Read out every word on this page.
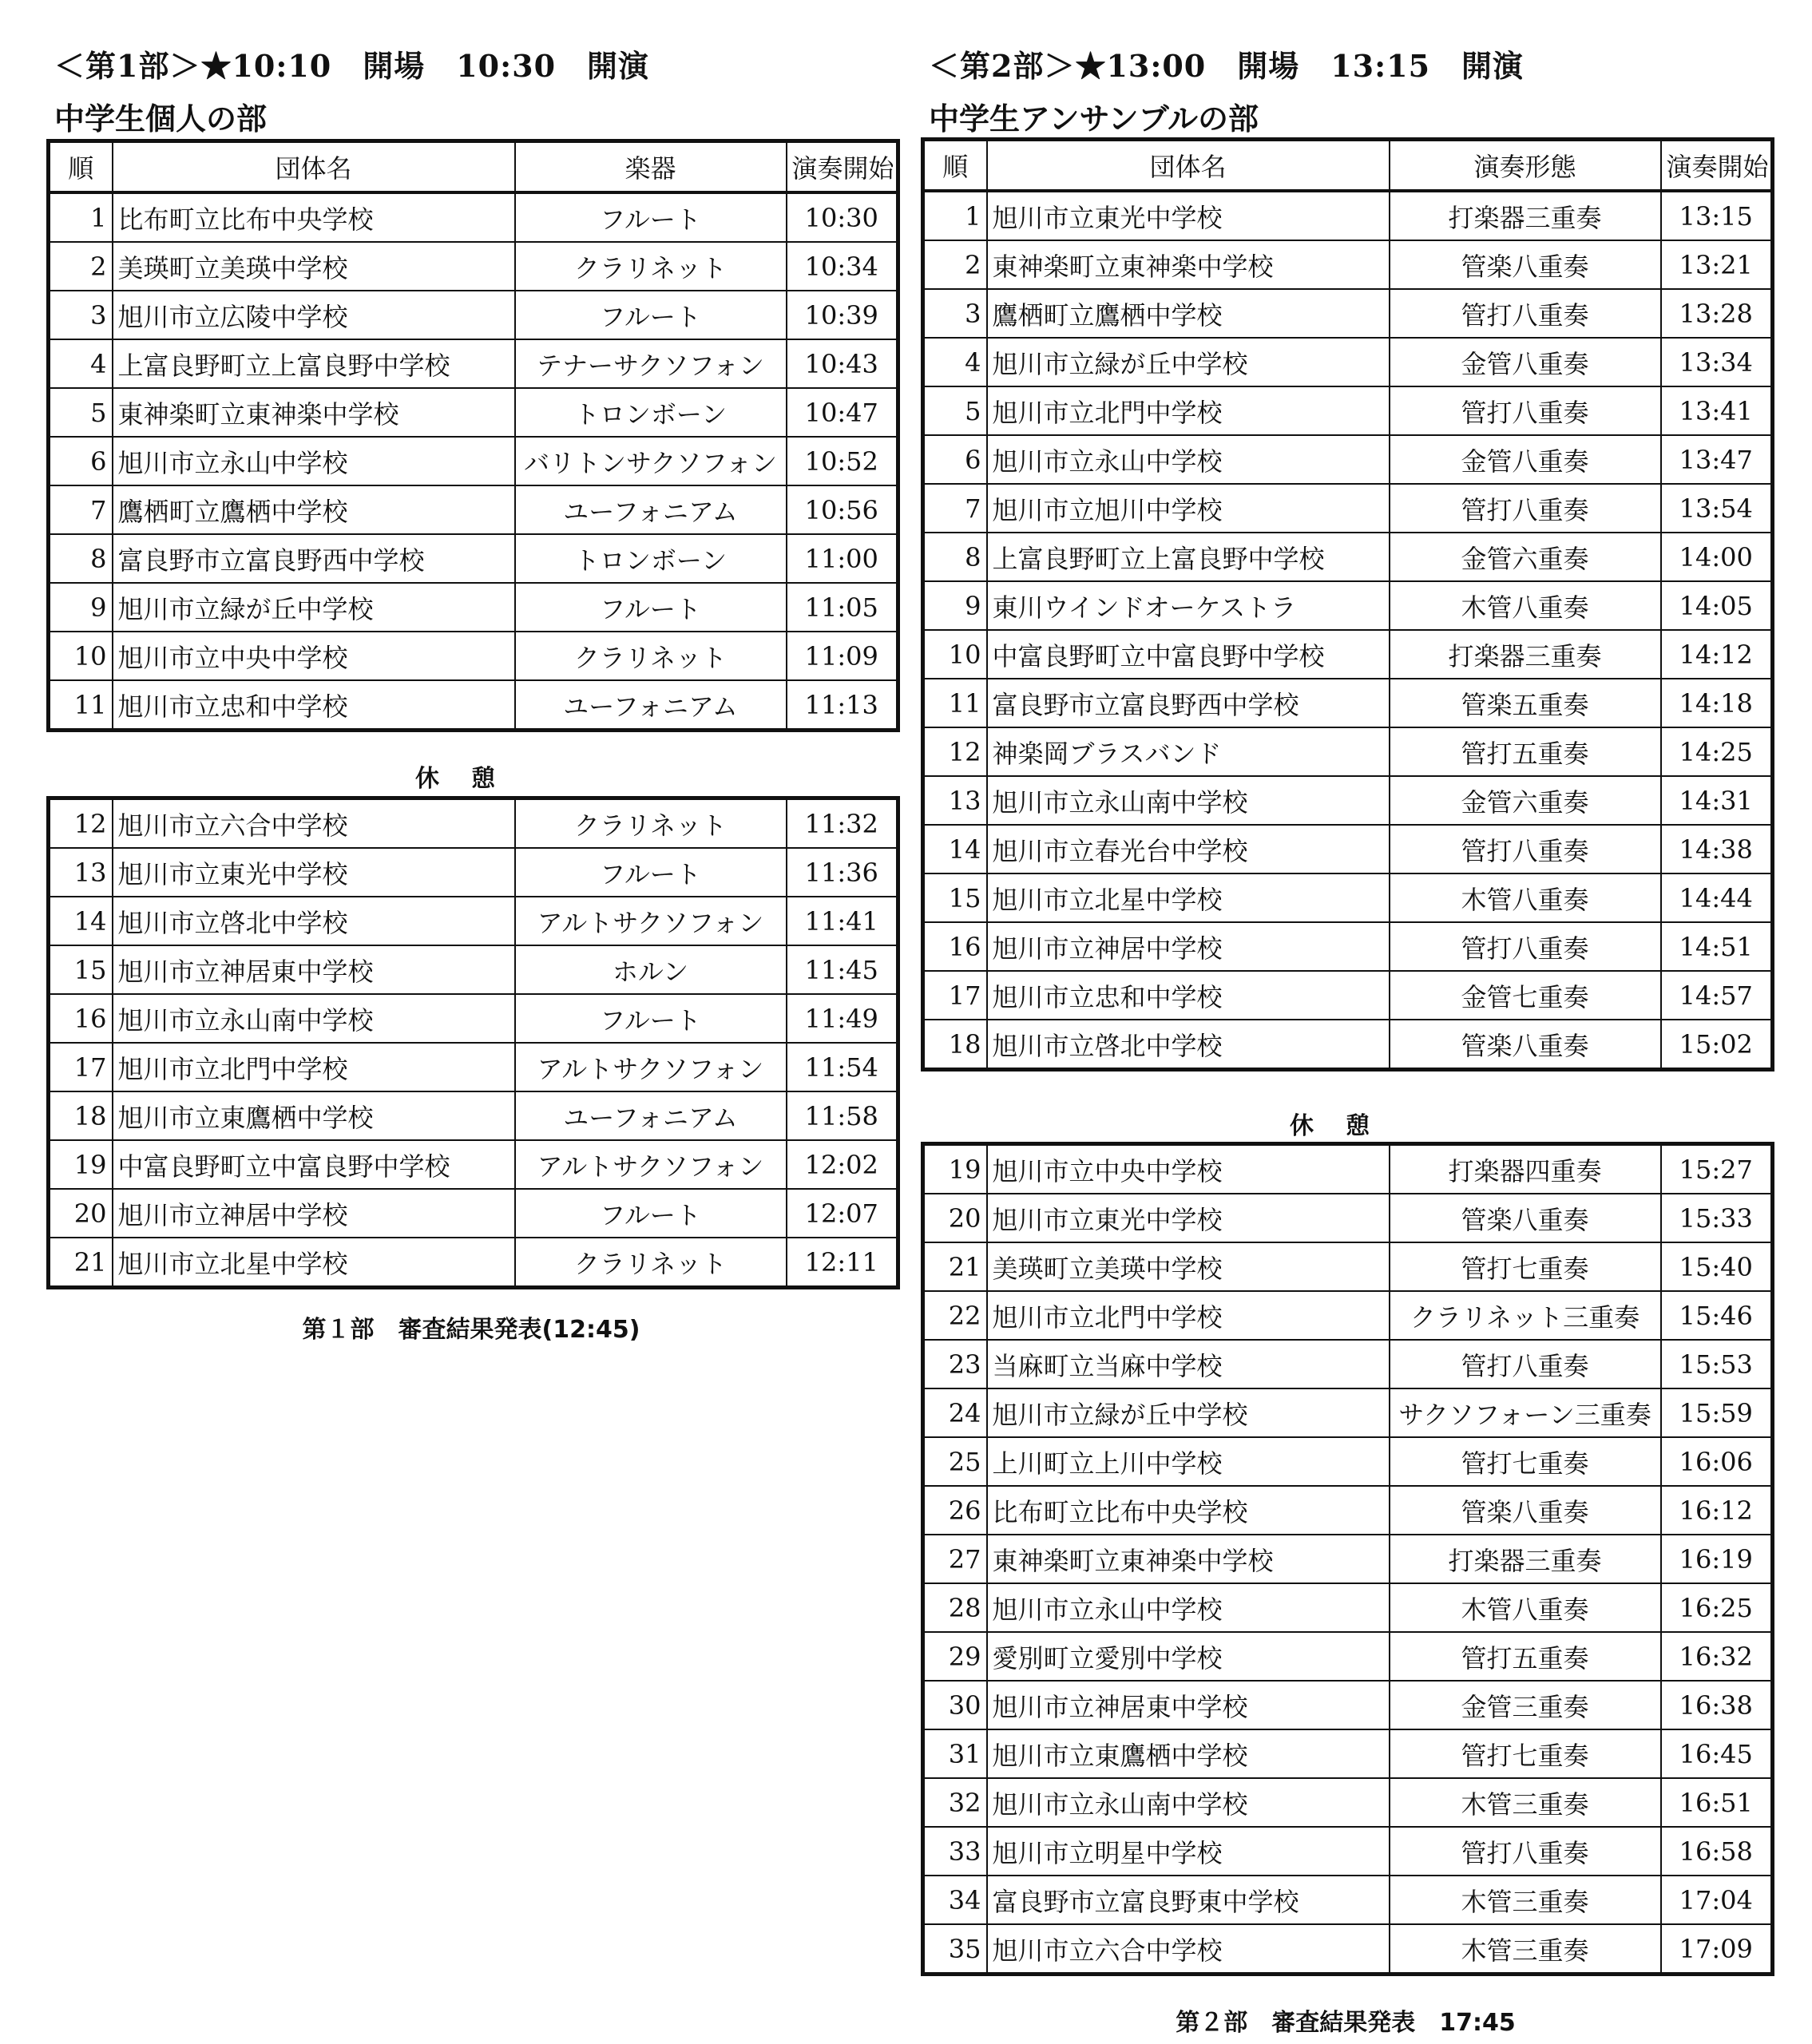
＜第1部＞★10:10　開場　10:30　開演
中学生個人の部
順	団体名	楽器	演奏開始
1	比布町立比布中央学校	フルート	10:30
2	美瑛町立美瑛中学校	クラリネット	10:34
3	旭川市立広陵中学校	フルート	10:39
4	上富良野町立上富良野中学校	テナーサクソフォン	10:43
5	東神楽町立東神楽中学校	トロンボーン	10:47
6	旭川市立永山中学校	バリトンサクソフォン	10:52
7	鷹栖町立鷹栖中学校	ユーフォニアム	10:56
8	富良野市立富良野西中学校	トロンボーン	11:00
9	旭川市立緑が丘中学校	フルート	11:05
10	旭川市立中央中学校	クラリネット	11:09
11	旭川市立忠和中学校	ユーフォニアム	11:13
休憩
12	旭川市立六合中学校	クラリネット	11:32
13	旭川市立東光中学校	フルート	11:36
14	旭川市立啓北中学校	アルトサクソフォン	11:41
15	旭川市立神居東中学校	ホルン	11:45
16	旭川市立永山南中学校	フルート	11:49
17	旭川市立北門中学校	アルトサクソフォン	11:54
18	旭川市立東鷹栖中学校	ユーフォニアム	11:58
19	中富良野町立中富良野中学校	アルトサクソフォン	12:02
20	旭川市立神居中学校	フルート	12:07
21	旭川市立北星中学校	クラリネット	12:11
第１部　審査結果発表(12:45)
＜第2部＞★13:00　開場　13:15　開演
中学生アンサンブルの部
順	団体名	演奏形態	演奏開始
1	旭川市立東光中学校	打楽器三重奏	13:15
2	東神楽町立東神楽中学校	管楽八重奏	13:21
3	鷹栖町立鷹栖中学校	管打八重奏	13:28
4	旭川市立緑が丘中学校	金管八重奏	13:34
5	旭川市立北門中学校	管打八重奏	13:41
6	旭川市立永山中学校	金管八重奏	13:47
7	旭川市立旭川中学校	管打八重奏	13:54
8	上富良野町立上富良野中学校	金管六重奏	14:00
9	東川ウインドオーケストラ	木管八重奏	14:05
10	中富良野町立中富良野中学校	打楽器三重奏	14:12
11	富良野市立富良野西中学校	管楽五重奏	14:18
12	神楽岡ブラスバンド	管打五重奏	14:25
13	旭川市立永山南中学校	金管六重奏	14:31
14	旭川市立春光台中学校	管打八重奏	14:38
15	旭川市立北星中学校	木管八重奏	14:44
16	旭川市立神居中学校	管打八重奏	14:51
17	旭川市立忠和中学校	金管七重奏	14:57
18	旭川市立啓北中学校	管楽八重奏	15:02
休憩
19	旭川市立中央中学校	打楽器四重奏	15:27
20	旭川市立東光中学校	管楽八重奏	15:33
21	美瑛町立美瑛中学校	管打七重奏	15:40
22	旭川市立北門中学校	クラリネット三重奏	15:46
23	当麻町立当麻中学校	管打八重奏	15:53
24	旭川市立緑が丘中学校	サクソフォーン三重奏	15:59
25	上川町立上川中学校	管打七重奏	16:06
26	比布町立比布中央学校	管楽八重奏	16:12
27	東神楽町立東神楽中学校	打楽器三重奏	16:19
28	旭川市立永山中学校	木管八重奏	16:25
29	愛別町立愛別中学校	管打五重奏	16:32
30	旭川市立神居東中学校	金管三重奏	16:38
31	旭川市立東鷹栖中学校	管打七重奏	16:45
32	旭川市立永山南中学校	木管三重奏	16:51
33	旭川市立明星中学校	管打八重奏	16:58
34	富良野市立富良野東中学校	木管三重奏	17:04
35	旭川市立六合中学校	木管三重奏	17:09
第２部　審査結果発表　17:45
